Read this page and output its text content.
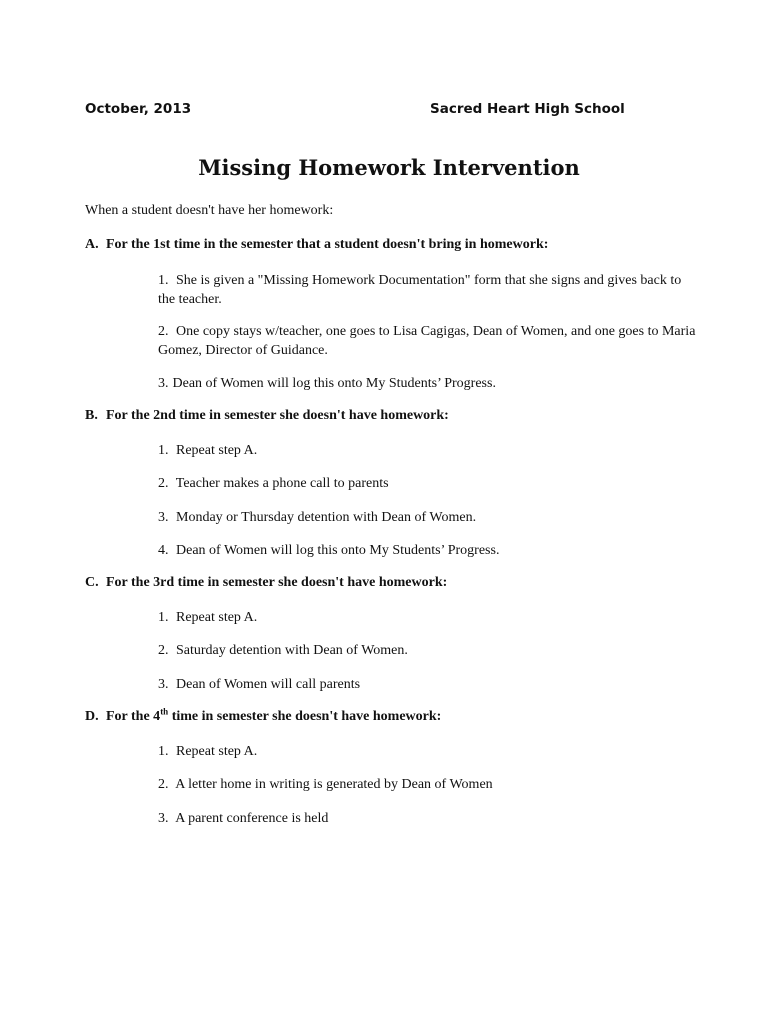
October, 2013	Sacred Heart High School
Missing Homework Intervention
When a student doesn't have her homework:
A. For the 1st time in the semester that a student doesn't bring in homework:
1. She is given a "Missing Homework Documentation" form that she signs and gives back to the teacher.
2. One copy stays w/teacher, one goes to Lisa Cagigas, Dean of Women, and one goes to Maria Gomez, Director of Guidance.
3. Dean of Women will log this onto My Students’ Progress.
B. For the 2nd time in semester she doesn't have homework:
1. Repeat step A.
2. Teacher makes a phone call to parents
3. Monday or Thursday detention with Dean of Women.
4. Dean of Women will log this onto My Students’ Progress.
C. For the 3rd time in semester she doesn't have homework:
1. Repeat step A.
2. Saturday detention with Dean of Women.
3. Dean of Women will call parents
D. For the 4th time in semester she doesn't have homework:
1. Repeat step A.
2. A letter home in writing is generated by Dean of Women
3. A parent conference is held
